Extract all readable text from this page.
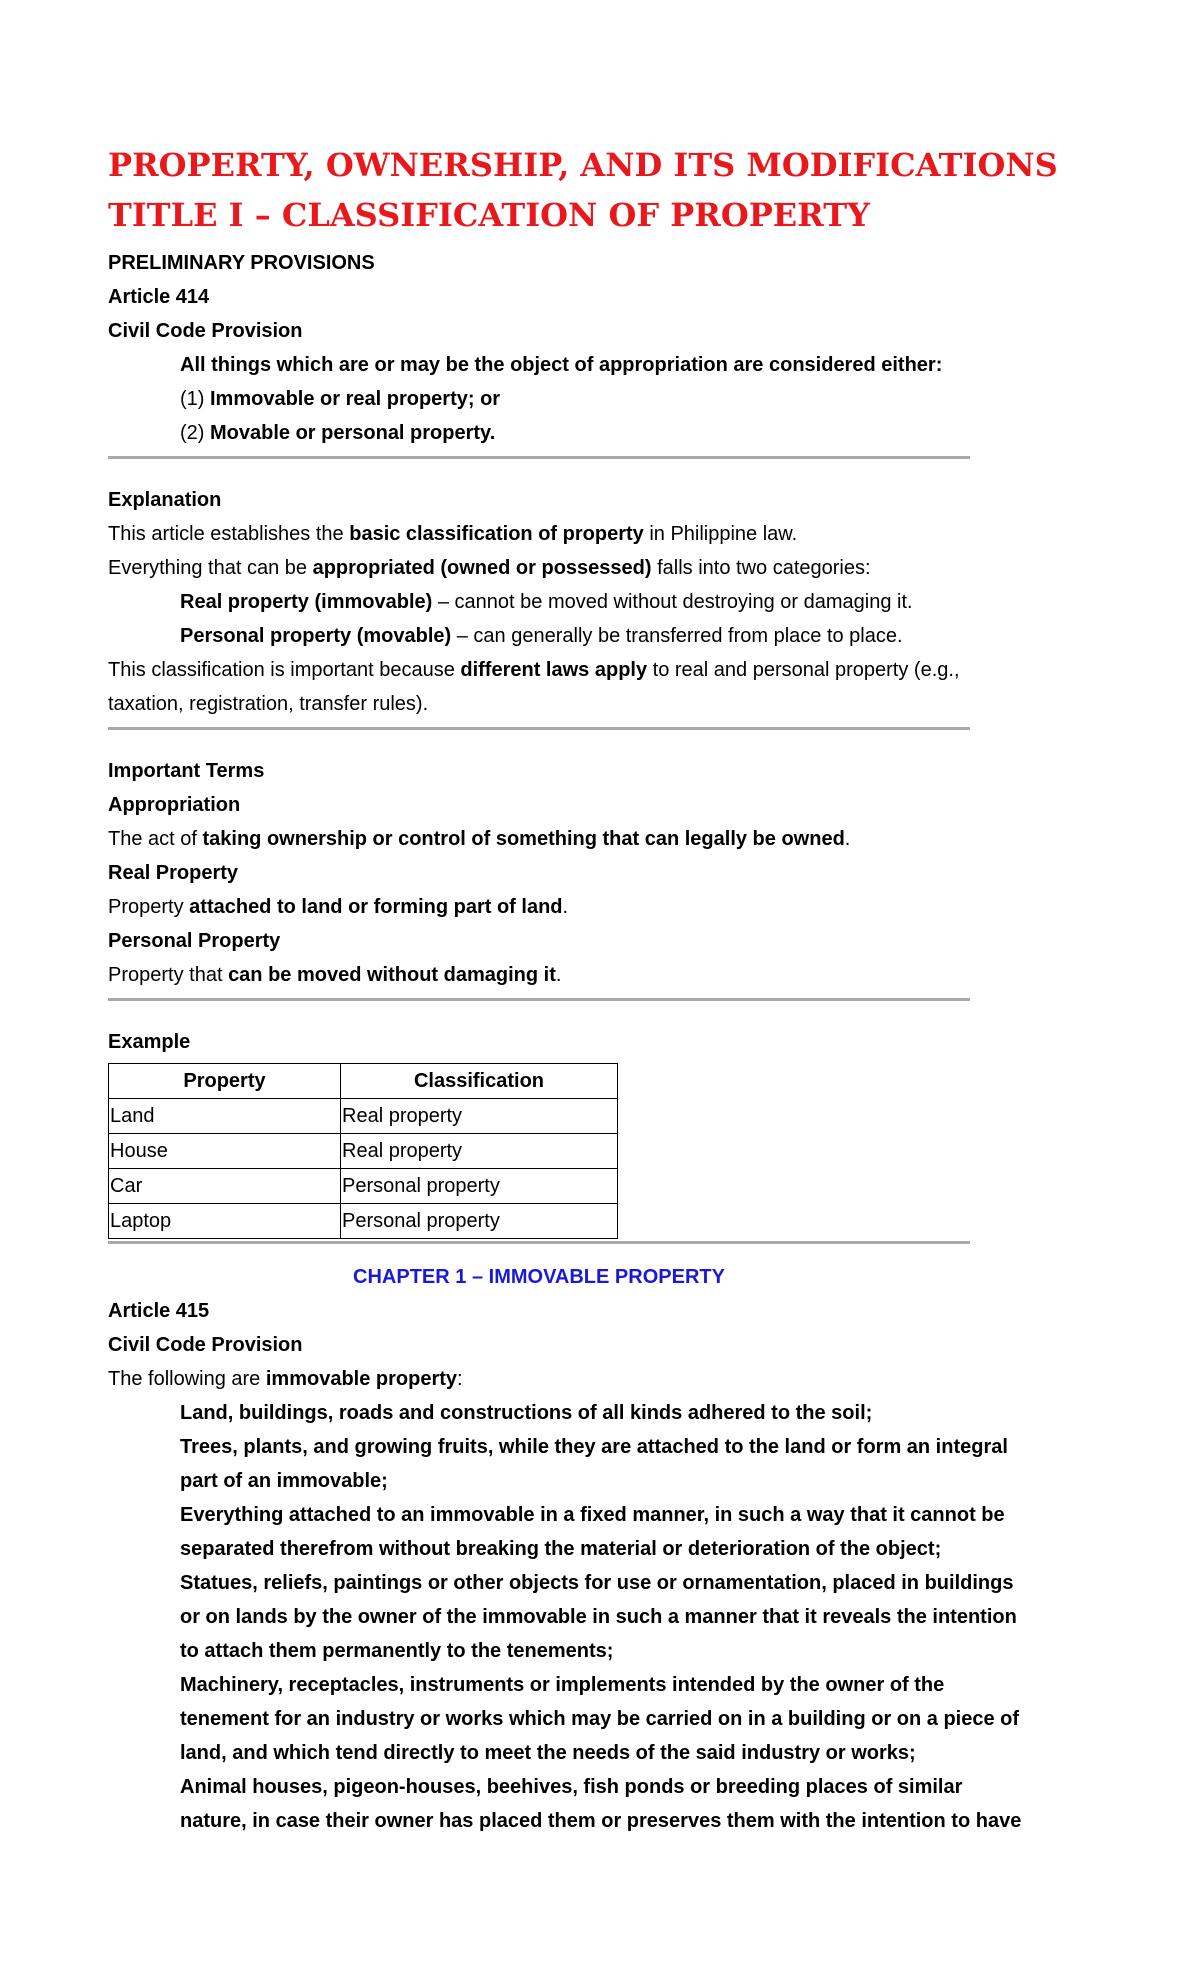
PROPERTY, OWNERSHIP, AND ITS MODIFICATIONS

TITLE I – CLASSIFICATION OF PROPERTY

PRELIMINARY PROVISIONS

Article 414

Civil Code Provision

All things which are or may be the object of appropriation are considered either:

(1) Immovable or real property; or

(2) Movable or personal property.

Explanation

This article establishes the basic classification of property in Philippine law.

Everything that can be appropriated (owned or possessed) falls into two categories:

Real property (immovable) – cannot be moved without destroying or damaging it.

Personal property (movable) – can generally be transferred from place to place.

This classification is important because different laws apply to real and personal property (e.g.,

taxation, registration, transfer rules).

Important Terms

Appropriation

The act of taking ownership or control of something that can legally be owned.

Real Property

Property attached to land or forming part of land.

Personal Property

Property that can be moved without damaging it.

Example

Property	Classification
Land	Real property
House	Real property
Car	Personal property
Laptop	Personal property

CHAPTER 1 – IMMOVABLE PROPERTY

Article 415

Civil Code Provision

The following are immovable property:

Land, buildings, roads and constructions of all kinds adhered to the soil;

Trees, plants, and growing fruits, while they are attached to the land or form an integral

part of an immovable;

Everything attached to an immovable in a fixed manner, in such a way that it cannot be

separated therefrom without breaking the material or deterioration of the object;

Statues, reliefs, paintings or other objects for use or ornamentation, placed in buildings

or on lands by the owner of the immovable in such a manner that it reveals the intention

to attach them permanently to the tenements;

Machinery, receptacles, instruments or implements intended by the owner of the

tenement for an industry or works which may be carried on in a building or on a piece of

land, and which tend directly to meet the needs of the said industry or works;

Animal houses, pigeon-houses, beehives, fish ponds or breeding places of similar

nature, in case their owner has placed them or preserves them with the intention to have
